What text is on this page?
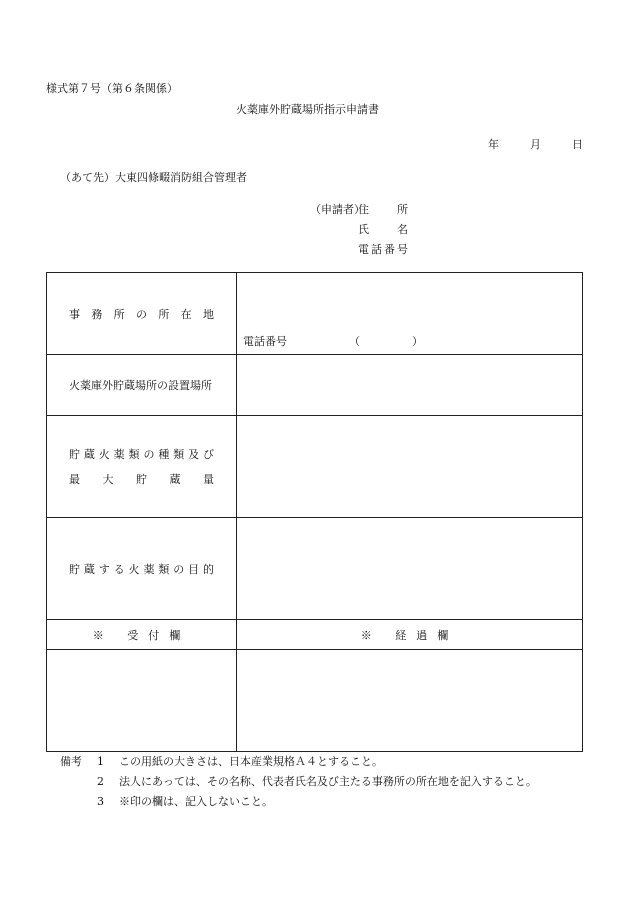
様式第７号（第６条関係）
火薬庫外貯蔵場所指示申請書
年	月	日
（あて先）大東四條畷消防組合管理者
（申請者）
住　　所
氏　　名
電話番号
事務所の所在地	電話番号 （ ）

火薬庫外貯蔵場所の設置場所	

貯蔵火薬類の種類及び
最大貯蔵量	

貯蔵する火薬類の目的	

※ 受付欄	※ 経過欄

備考	1	この用紙の大きさは、日本産業規格Ａ４とすること。
2	法人にあっては、その名称、代表者氏名及び主たる事務所の所在地を記入すること。
3	※印の欄は、記入しないこと。
